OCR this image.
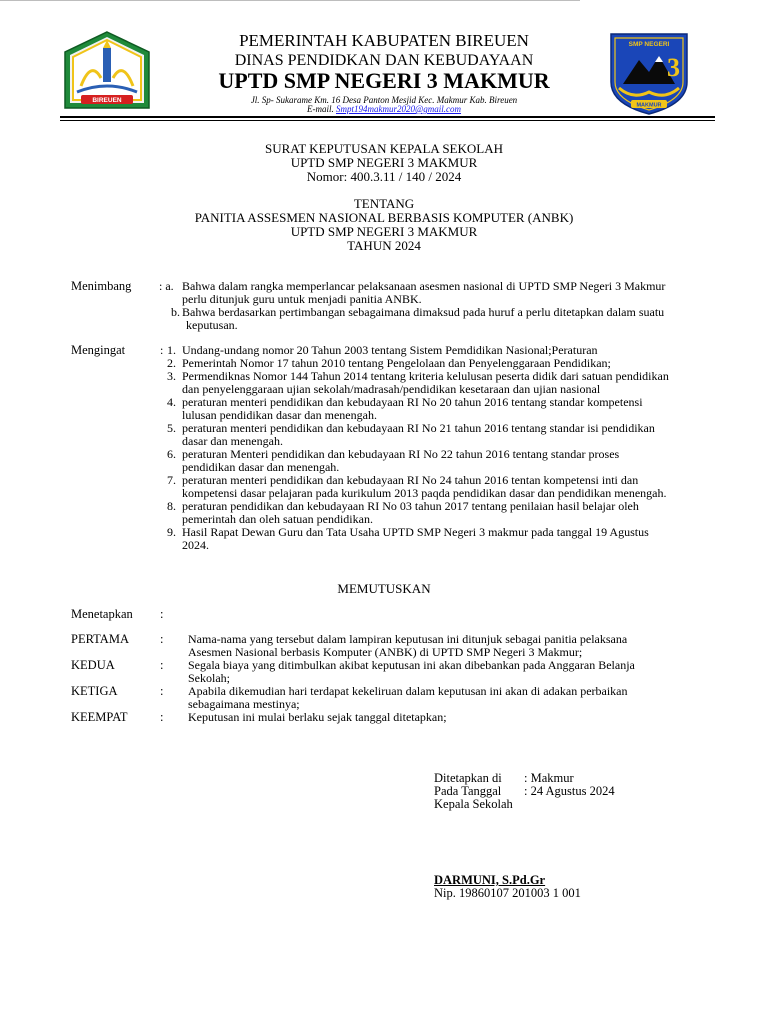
BIREUEN
SMP NEGERI
3
MAKMUR
PEMERINTAH KABUPATEN BIREUEN
DINAS PENDIDKAN DAN KEBUDAYAAN
UPTD SMP NEGERI 3 MAKMUR
Jl. Sp- Sukarame Km. 16 Desa Panton Mesjid Kec. Makmur Kab. Bireuen
E-mail. Smpt194makmur2020@gmail.com
SURAT KEPUTUSAN KEPALA SEKOLAH
UPTD SMP NEGERI 3 MAKMUR
Nomor: 400.3.11 / 140 / 2024
TENTANG
PANITIA ASSESMEN NASIONAL BERBASIS KOMPUTER (ANBK)
UPTD SMP NEGERI 3 MAKMUR
TAHUN 2024
Menimbang : a. Bahwa dalam rangka memperlancar pelaksanaan asesmen nasional di UPTD SMP Negeri 3 Makmur
perlu ditunjuk guru untuk menjadi panitia ANBK.
b. Bahwa berdasarkan pertimbangan sebagaimana dimaksud pada huruf a perlu ditetapkan dalam suatu
keputusan.
Mengingat	: 1. Undang-undang nomor 20 Tahun 2003 tentang Sistem Pemdidikan Nasional;Peraturan
2. Pemerintah Nomor 17 tahun 2010 tentang Pengelolaan dan Penyelenggaraan Pendidikan;
3. Permendiknas Nomor 144 Tahun 2014 tentang kriteria kelulusan peserta didik dari satuan pendidikan
dan penyelenggaraan ujian sekolah/madrasah/pendidikan kesetaraan dan ujian nasional
4. peraturan menteri pendidikan dan kebudayaan RI No 20 tahun 2016 tentang standar kompetensi
lulusan pendidikan dasar dan menengah.
5. peraturan menteri pendidikan dan kebudayaan RI No 21 tahun 2016 tentang standar isi pendidikan
dasar dan menengah.
6. peraturan Menteri pendidikan dan kebudayaan RI No 22 tahun 2016 tentang standar proses
pendidikan dasar dan menengah.
7. peraturan menteri pendidikan dan kebudayaan RI No 24 tahun 2016 tentan kompetensi inti dan
kompetensi dasar pelajaran pada kurikulum 2013 paqda pendidikan dasar dan pendidikan menengah.
8. peraturan pendidikan dan kebudayaan RI No 03 tahun 2017 tentang penilaian hasil belajar oleh
pemerintah dan oleh satuan pendidikan.
9. Hasil Rapat Dewan Guru dan Tata Usaha UPTD SMP Negeri 3 makmur pada tanggal 19 Agustus
2024.
MEMUTUSKAN
Menetapkan :
PERTAMA : Nama-nama yang tersebut dalam lampiran keputusan ini ditunjuk sebagai panitia pelaksana
Asesmen Nasional berbasis Komputer (ANBK) di UPTD SMP Negeri 3 Makmur;
KEDUA	: Segala biaya yang ditimbulkan akibat keputusan ini akan dibebankan pada Anggaran Belanja
Sekolah;
KETIGA	: Apabila dikemudian hari terdapat kekeliruan dalam keputusan ini akan di adakan perbaikan
sebagaimana mestinya;
KEEMPAT	: Keputusan ini mulai berlaku sejak tanggal ditetapkan;
Ditetapkan di : Makmur
Pada Tanggal : 24 Agustus 2024
Kepala Sekolah
DARMUNI, S.Pd.Gr
Nip. 19860107 201003 1 001
